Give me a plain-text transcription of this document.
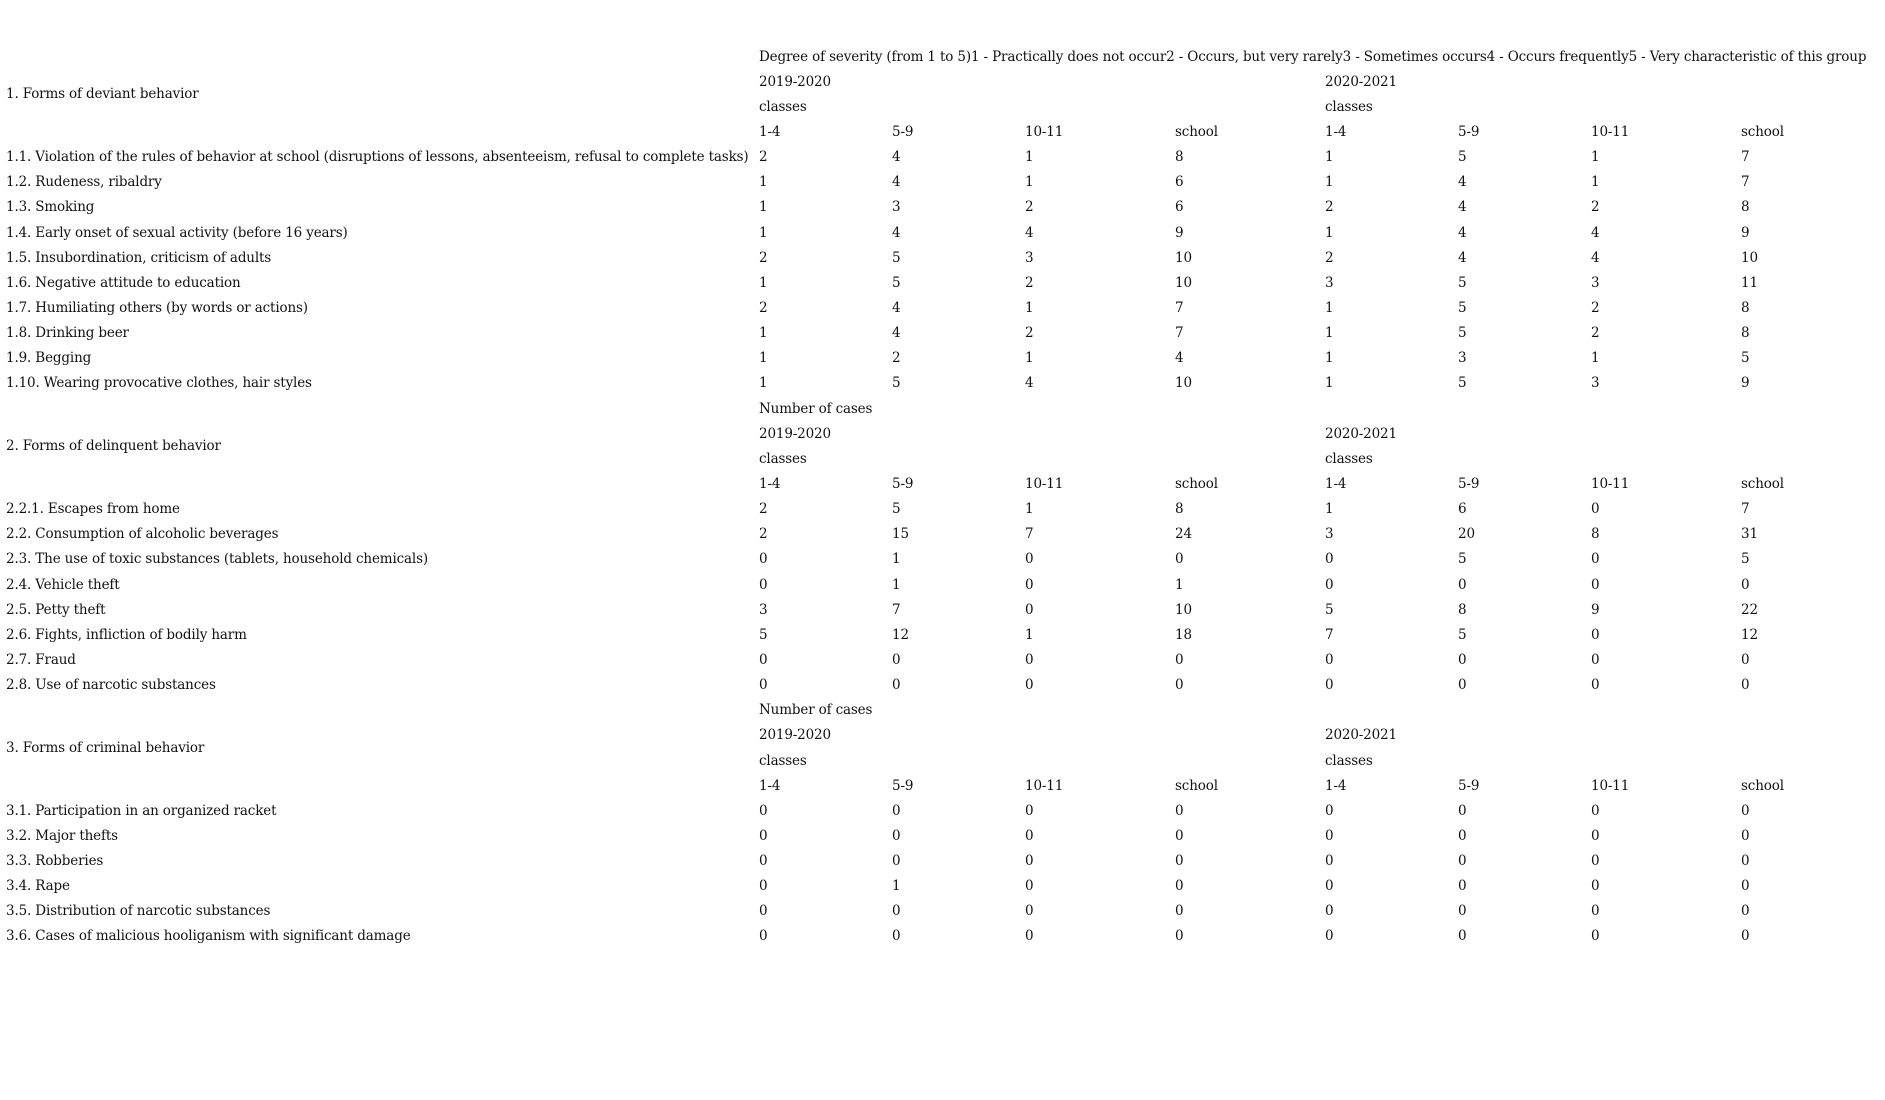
1. Forms of deviant behavior	Degree of severity (from 1 to 5)1 - Practically does not occur2 - Occurs, but very rarely3 - Sometimes occurs4 - Occurs frequently5 - Very characteristic of this group							
	2019-2020				2020-2021			
	classes				classes			
	1-4	5-9	10-11	school	1-4	5-9	10-11	school
1.1. Violation of the rules of behavior at school (disruptions of lessons, absenteeism, refusal to complete tasks)	2	4	1	8	1	5	1	7
1.2. Rudeness, ribaldry	1	4	1	6	1	4	1	7
1.3. Smoking	1	3	2	6	2	4	2	8
1.4. Early onset of sexual activity (before 16 years)	1	4	4	9	1	4	4	9
1.5. Insubordination, criticism of adults	2	5	3	10	2	4	4	10
1.6. Negative attitude to education	1	5	2	10	3	5	3	11
1.7. Humiliating others (by words or actions)	2	4	1	7	1	5	2	8
1.8. Drinking beer	1	4	2	7	1	5	2	8
1.9. Begging	1	2	1	4	1	3	1	5
1.10. Wearing provocative clothes, hair styles	1	5	4	10	1	5	3	9
2. Forms of delinquent behavior	Number of cases							
	2019-2020				2020-2021			
	classes				classes			
	1-4	5-9	10-11	school	1-4	5-9	10-11	school
2.2.1. Escapes from home	2	5	1	8	1	6	0	7
2.2. Consumption of alcoholic beverages	2	15	7	24	3	20	8	31
2.3. The use of toxic substances (tablets, household chemicals)	0	1	0	0	0	5	0	5
2.4. Vehicle theft	0	1	0	1	0	0	0	0
2.5. Petty theft	3	7	0	10	5	8	9	22
2.6. Fights, infliction of bodily harm	5	12	1	18	7	5	0	12
2.7. Fraud	0	0	0	0	0	0	0	0
2.8. Use of narcotic substances	0	0	0	0	0	0	0	0
3. Forms of criminal behavior	Number of cases							
	2019-2020				2020-2021			
	classes				classes			
	1-4	5-9	10-11	school	1-4	5-9	10-11	school
3.1. Participation in an organized racket	0	0	0	0	0	0	0	0
3.2. Major thefts	0	0	0	0	0	0	0	0
3.3. Robberies	0	0	0	0	0	0	0	0
3.4. Rape	0	1	0	0	0	0	0	0
3.5. Distribution of narcotic substances	0	0	0	0	0	0	0	0
3.6. Cases of malicious hooliganism with significant damage	0	0	0	0	0	0	0	0
